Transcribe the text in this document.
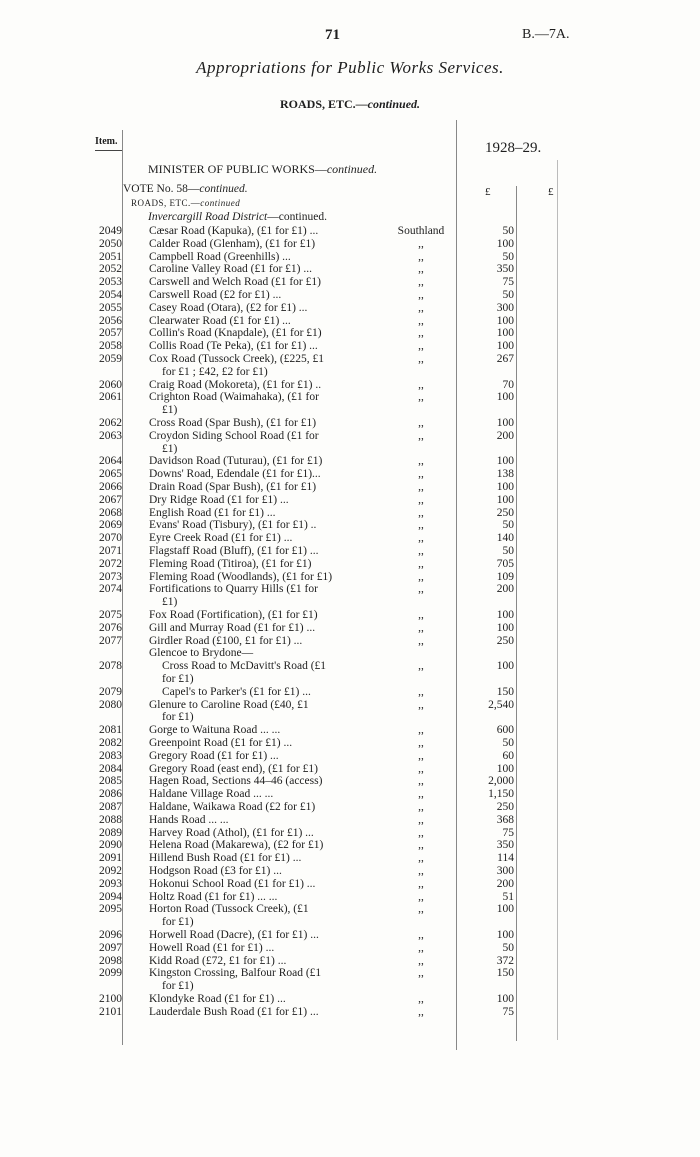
71	B.—7A.
Appropriations for Public Works Services.
ROADS, ETC.—continued.
Item.	1928–29.
MINISTER OF PUBLIC WORKS—continued.
VOTE No. 58—continued.	£	£
ROADS, ETC.—continued
Invercargill Road District—continued.
2049 Cæsar Road (Kapuka), (£1 for £1) ...	Southland	50
2050 Calder Road (Glenham), (£1 for £1)	,,	100
2051 Campbell Road (Greenhills) ...	,,	50
2052 Caroline Valley Road (£1 for £1) ...	,,	350
2053 Carswell and Welch Road (£1 for £1)	,,	75
2054 Carswell Road (£2 for £1) ...	,,	50
2055 Casey Road (Otara), (£2 for £1) ...	,,	300
2056 Clearwater Road (£1 for £1) ...	,,	100
2057 Collin's Road (Knapdale), (£1 for £1)	,,	100
2058 Collis Road (Te Peka), (£1 for £1) ...	,,	100
2059 Cox Road (Tussock Creek), (£225, £1	,,	267
for £1 ; £42, £2 for £1)
2060 Craig Road (Mokoreta), (£1 for £1) ..	,,	70
2061 Crighton Road (Waimahaka), (£1 for	,,	100
£1)
2062 Cross Road (Spar Bush), (£1 for £1)	,,	100
2063 Croydon Siding School Road (£1 for	,,	200
£1)
2064 Davidson Road (Tuturau), (£1 for £1)	,,	100
2065 Downs' Road, Edendale (£1 for £1)...	,,	138
2066 Drain Road (Spar Bush), (£1 for £1)	,,	100
2067 Dry Ridge Road (£1 for £1) ...	,,	100
2068 English Road (£1 for £1) ...	,,	250
2069 Evans' Road (Tisbury), (£1 for £1) ..	,,	50
2070 Eyre Creek Road (£1 for £1) ...	,,	140
2071 Flagstaff Road (Bluff), (£1 for £1) ...	,,	50
2072 Fleming Road (Titiroa), (£1 for £1)	,,	705
2073 Fleming Road (Woodlands), (£1 for £1)	,,	109
2074 Fortifications to Quarry Hills (£1 for	,,	200
£1)
2075 Fox Road (Fortification), (£1 for £1)	,,	100
2076 Gill and Murray Road (£1 for £1) ...	,,	100
2077 Girdler Road (£100, £1 for £1) ...	,,	250
Glencoe to Brydone—
2078	Cross Road to McDavitt's Road (£1	,,	100
for £1)
2079	Capel's to Parker's (£1 for £1) ...	,,	150
2080 Glenure to Caroline Road (£40, £1	,,	2,540
for £1)
2081 Gorge to Waituna Road ... ...	,,	600
2082 Greenpoint Road (£1 for £1) ...	,,	50
2083 Gregory Road (£1 for £1) ...	,,	60
2084 Gregory Road (east end), (£1 for £1)	,,	100
2085 Hagen Road, Sections 44–46 (access)	,,	2,000
2086 Haldane Village Road ... ...	,,	1,150
2087 Haldane, Waikawa Road (£2 for £1)	,,	250
2088 Hands Road ... ...	,,	368
2089 Harvey Road (Athol), (£1 for £1) ...	,,	75
2090 Helena Road (Makarewa), (£2 for £1)	,,	350
2091 Hillend Bush Road (£1 for £1) ...	,,	114
2092 Hodgson Road (£3 for £1) ...	,,	300
2093 Hokonui School Road (£1 for £1) ...	,,	200
2094 Holtz Road (£1 for £1) ... ...	,,	51
2095 Horton Road (Tussock Creek), (£1	,,	100
for £1)
2096 Horwell Road (Dacre), (£1 for £1) ...	,,	100
2097 Howell Road (£1 for £1) ...	,,	50
2098 Kidd Road (£72, £1 for £1) ...	,,	372
2099 Kingston Crossing, Balfour Road (£1	,,	150
for £1)
2100 Klondyke Road (£1 for £1) ...	,,	100
2101 Lauderdale Bush Road (£1 for £1) ...	,,	75
